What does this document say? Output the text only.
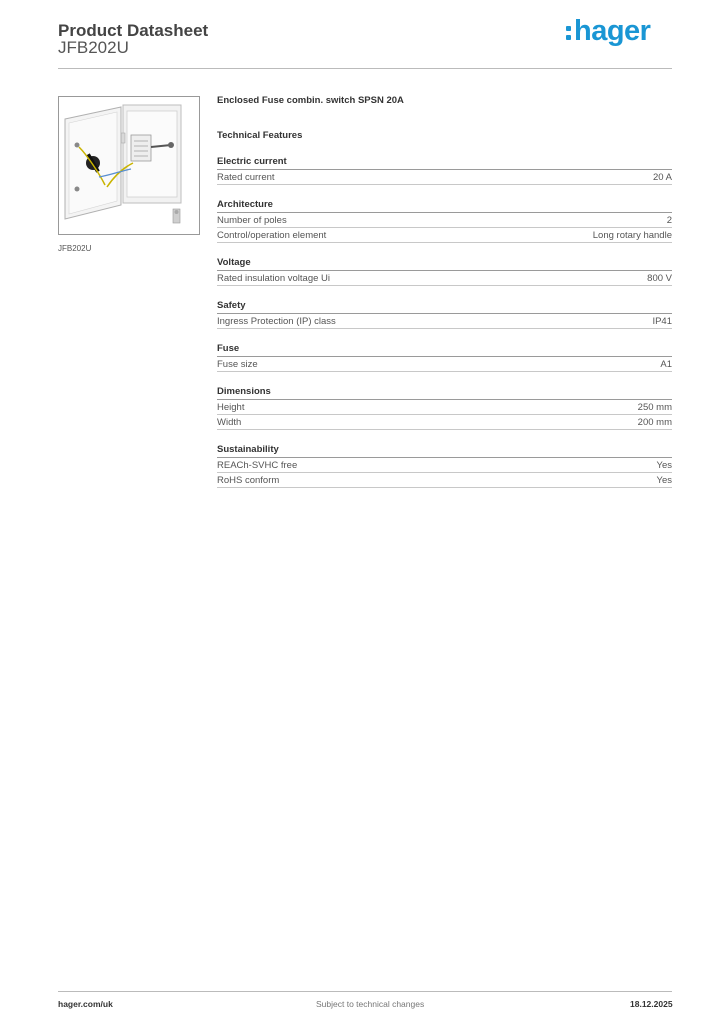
Product Datasheet
JFB202U
hager
JFB202U
Enclosed Fuse combin. switch SPSN 20A
Technical Features
Electric current
Rated current	20 A
Architecture
Number of poles	2
Control/operation element	Long rotary handle
Voltage
Rated insulation voltage Ui	800 V
Safety
Ingress Protection (IP) class	IP41
Fuse
Fuse size	A1
Dimensions
Height	250 mm
Width	200 mm
Sustainability
REACh-SVHC free	Yes
RoHS conform	Yes
hager.com/uk	Subject to technical changes	18.12.2025
